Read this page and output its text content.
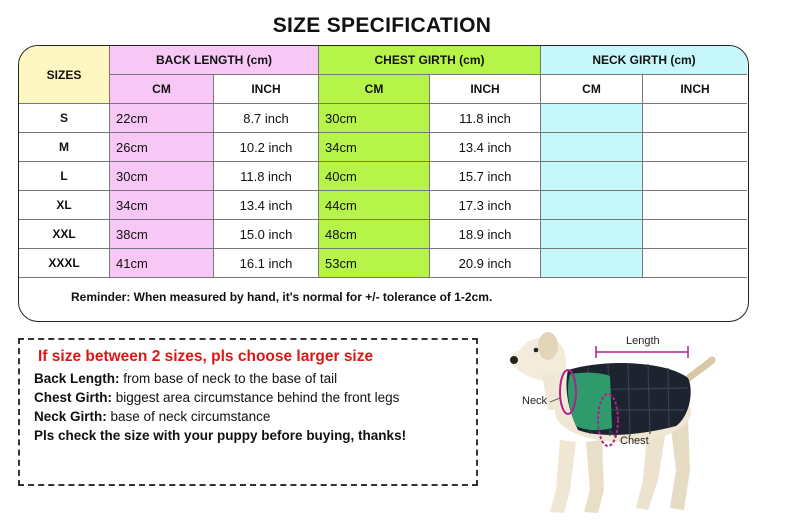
SIZE SPECIFICATION
SIZES
BACK LENGTH (cm)	CHEST GIRTH (cm)	NECK GIRTH (cm)
CM	INCH	CM	INCH	CM	INCH
S	22cm	8.7 inch	30cm	11.8 inch
M	26cm	10.2 inch	34cm	13.4 inch
L	30cm	11.8 inch	40cm	15.7 inch
XL	34cm	13.4 inch	44cm	17.3 inch
XXL	38cm	15.0 inch	48cm	18.9 inch
XXXL	41cm	16.1 inch	53cm	20.9 inch
Reminder: When measured by hand, it's normal for +/- tolerance of 1-2cm.
If size between 2 sizes, pls choose larger size
Back Length: from base of neck to the base of tail
Chest Girth: biggest area circumstance behind the front legs
Neck Girth: base of neck circumstance
Pls check the size with your puppy before buying, thanks!
Length
Neck
Chest
